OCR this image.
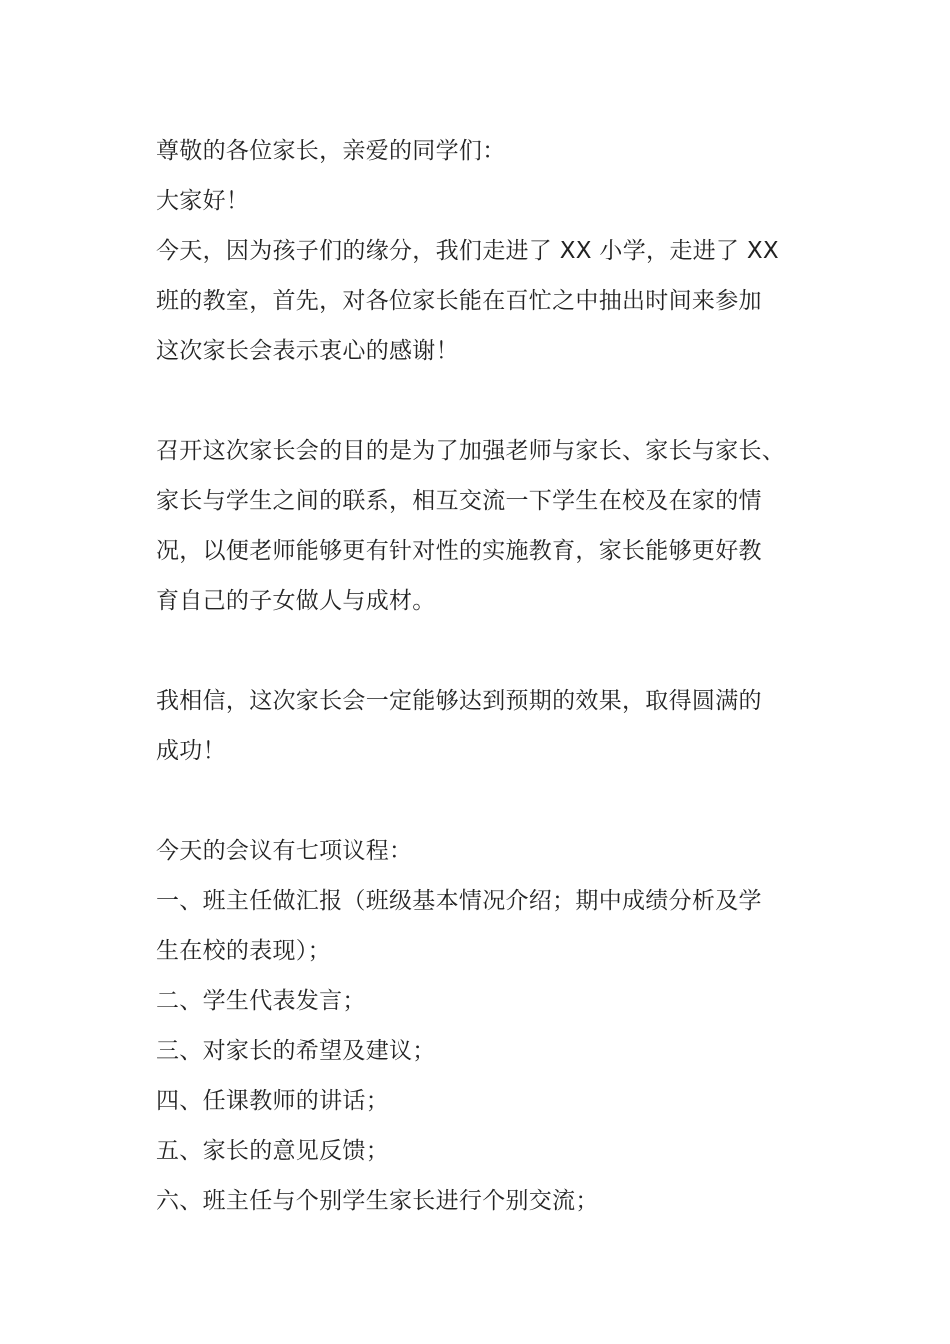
尊敬的各位家长，亲爱的同学们：
大家好！
今天，因为孩子们的缘分，我们走进了 XX 小学，走进了 XX
班的教室，首先，对各位家长能在百忙之中抽出时间来参加
这次家长会表示衷心的感谢！
召开这次家长会的目的是为了加强老师与家长、家长与家长、
家长与学生之间的联系，相互交流一下学生在校及在家的情
况，以便老师能够更有针对性的实施教育，家长能够更好教
育自己的子女做人与成材。
我相信，这次家长会一定能够达到预期的效果，取得圆满的
成功！
今天的会议有七项议程：
一、班主任做汇报（班级基本情况介绍；期中成绩分析及学
生在校的表现）；
二、学生代表发言；
三、对家长的希望及建议；
四、任课教师的讲话；
五、家长的意见反馈；
六、班主任与个别学生家长进行个别交流；
